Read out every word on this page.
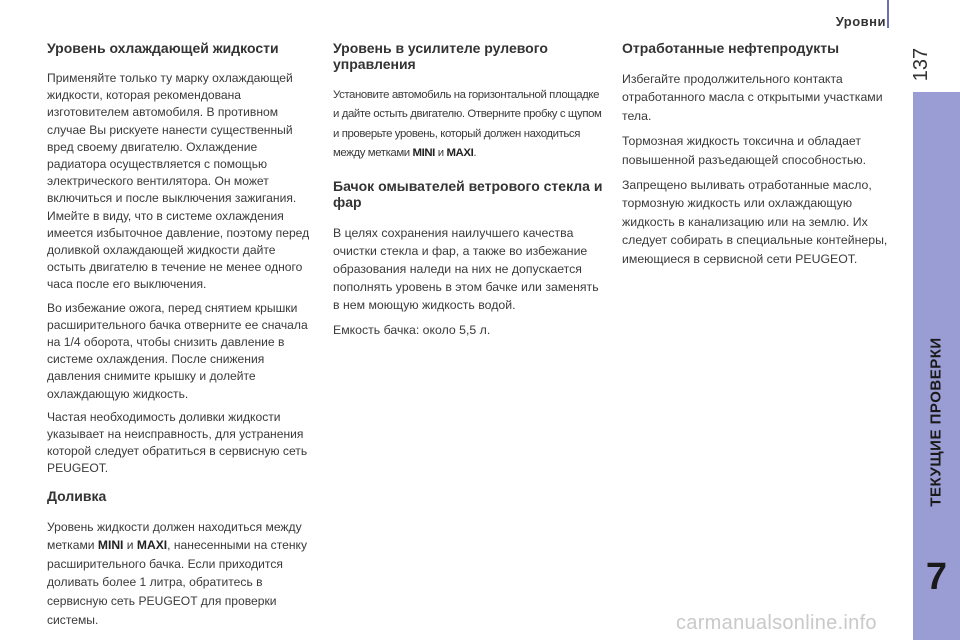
Уровни
137
ТЕКУЩИЕ ПРОВЕРКИ
7
Уровень охлаждающей жидкости

Применяйте только ту марку охлаждающей жидкости, которая рекомендована изготовителем автомобиля. В противном случае Вы рискуете нанести существенный вред своему двигателю. Охлаждение радиатора осуществляется с помощью электрического вентилятора. Он может включиться и после выключения зажигания. Имейте в виду, что в системе охлаждения имеется избыточное давление, поэтому перед доливкой охлаждающей жидкости дайте остыть двигателю в течение не менее одного часа после его выключения.

Во избежание ожога, перед снятием крышки расширительного бачка отверните ее сначала на 1/4 оборота, чтобы снизить давление в системе охлаждения. После снижения давления снимите крышку и долейте охлаждающую жидкость.

Частая необходимость доливки жидкости указывает на неисправность, для устранения которой следует обратиться в сервисную сеть PEUGEOT.

Доливка

Уровень жидкости должен находиться между метками MINI и MAXI, нанесенными на стенку расширительного бачка. Если приходится доливать более 1 литра, обратитесь в сервисную сеть PEUGEOT для проверки системы.

Уровень в усилителе рулевого управления

Установите автомобиль на горизонтальной площадке и дайте остыть двигателю. Отверните пробку с щупом и проверьте уровень, который должен находиться между метками MINI и MAXI.

Бачок омывателей ветрового стекла и фар

В целях сохранения наилучшего качества очистки стекла и фар, а также во избежание образования наледи на них не допускается пополнять уровень в этом бачке или заменять в нем моющую жидкость водой.

Емкость бачка: около 5,5 л.

Отработанные нефтепродукты

Избегайте продолжительного контакта отработанного масла с открытыми участками тела.

Тормозная жидкость токсична и обладает повышенной разъедающей способностью.

Запрещено выливать отработанные масло, тормозную жидкость или охлаждающую жидкость в канализацию или на землю. Их следует собирать в специальные контейнеры, имеющиеся в сервисной сети PEUGEOT.

carmanualsonline.info
